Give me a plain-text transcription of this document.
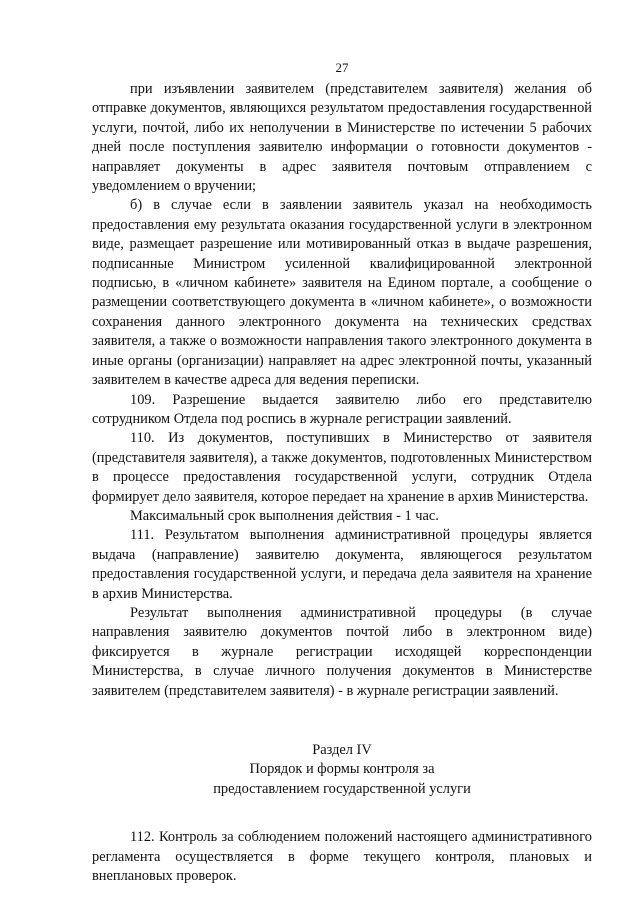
27

при изъявлении заявителем (представителем заявителя) желания об отправке документов, являющихся результатом предоставления государственной услуги, почтой, либо их неполучении в Министерстве по истечении 5 рабочих дней после поступления заявителю информации о готовности документов - направляет документы в адрес заявителя почтовым отправлением с уведомлением о вручении;

б) в случае если в заявлении заявитель указал на необходимость предоставления ему результата оказания государственной услуги в электронном виде, размещает разрешение или мотивированный отказ в выдаче разрешения, подписанные Министром усиленной квалифицированной электронной подписью, в «личном кабинете» заявителя на Едином портале, а сообщение о размещении соответствующего документа в «личном кабинете», о возможности сохранения данного электронного документа на технических средствах заявителя, а также о возможности направления такого электронного документа в иные органы (организации) направляет на адрес электронной почты, указанный заявителем в качестве адреса для ведения переписки.

109. Разрешение выдается заявителю либо его представителю сотрудником Отдела под роспись в журнале регистрации заявлений.

110. Из документов, поступивших в Министерство от заявителя (представителя заявителя), а также документов, подготовленных Министерством в процессе предоставления государственной услуги, сотрудник Отдела формирует дело заявителя, которое передает на хранение в архив Министерства.

Максимальный срок выполнения действия - 1 час.

111. Результатом выполнения административной процедуры является выдача (направление) заявителю документа, являющегося результатом предоставления государственной услуги, и передача дела заявителя на хранение в архив Министерства.

Результат выполнения административной процедуры (в случае направления заявителю документов почтой либо в электронном виде) фиксируется в журнале регистрации исходящей корреспонденции Министерства, в случае личного получения документов в Министерстве заявителем (представителем заявителя) - в журнале регистрации заявлений.

Раздел IV

Порядок и формы контроля за

предоставлением государственной услуги

112. Контроль за соблюдением положений настоящего административного регламента осуществляется в форме текущего контроля, плановых и внеплановых проверок.
